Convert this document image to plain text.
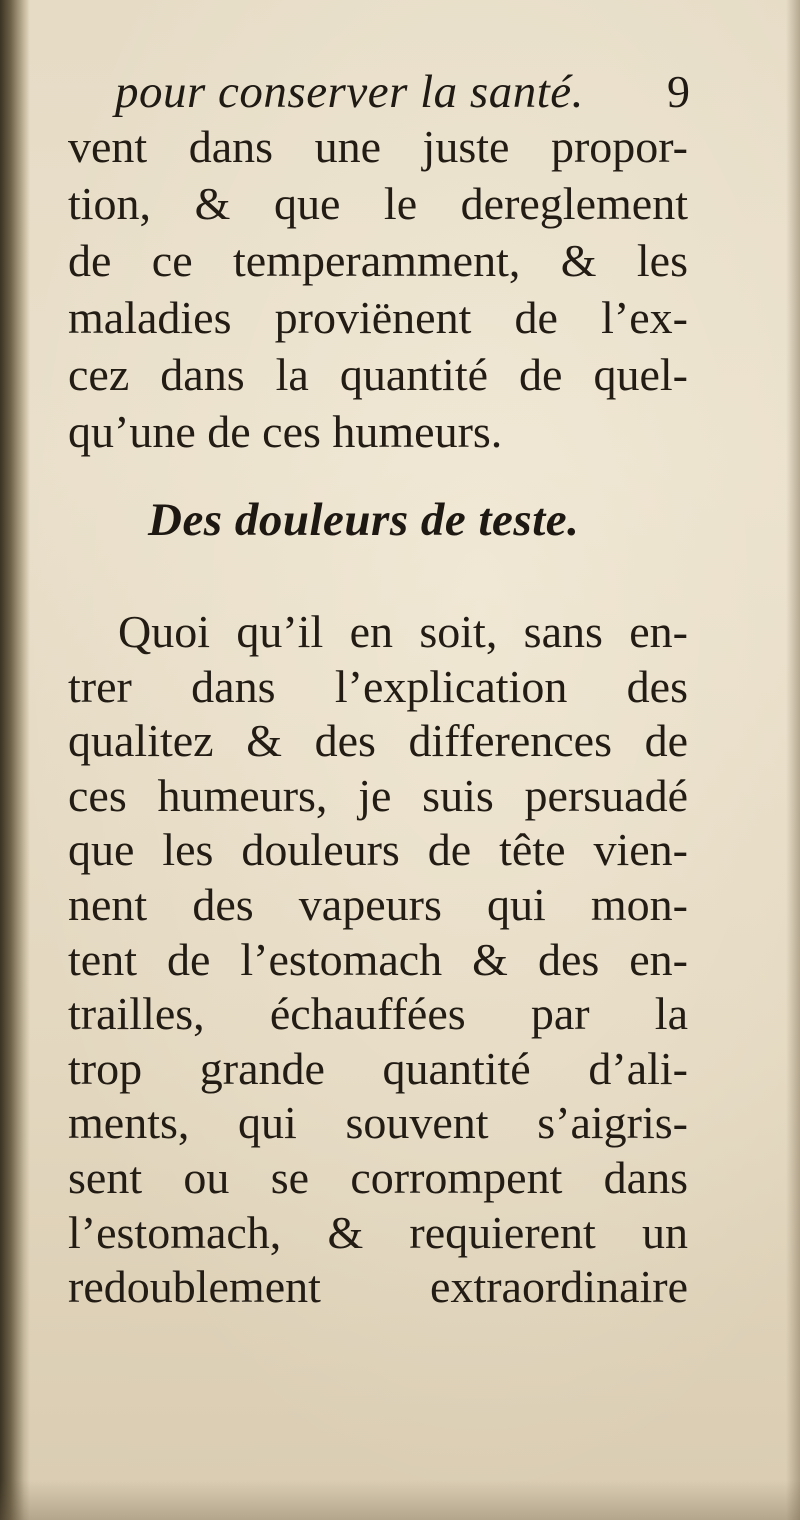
pour conserver la santé. 9
vent dans une juste propor-
tion, & que le dereglement
de ce temperamment, & les
maladies proviënent de l’ex-
cez dans la quantité de quel-
qu’une de ces humeurs.
Des douleurs de teste.
Quoi qu’il en soit, sans en-
trer dans l’explication des
qualitez & des differences de
ces humeurs, je suis persuadé
que les douleurs de tête vien-
nent des vapeurs qui mon-
tent de l’estomach & des en-
trailles, échauffées par la
trop grande quantité d’ali-
ments, qui souvent s’aigris-
sent ou se corrompent dans
l’estomach, & requierent un
redoublement extraordinaire
